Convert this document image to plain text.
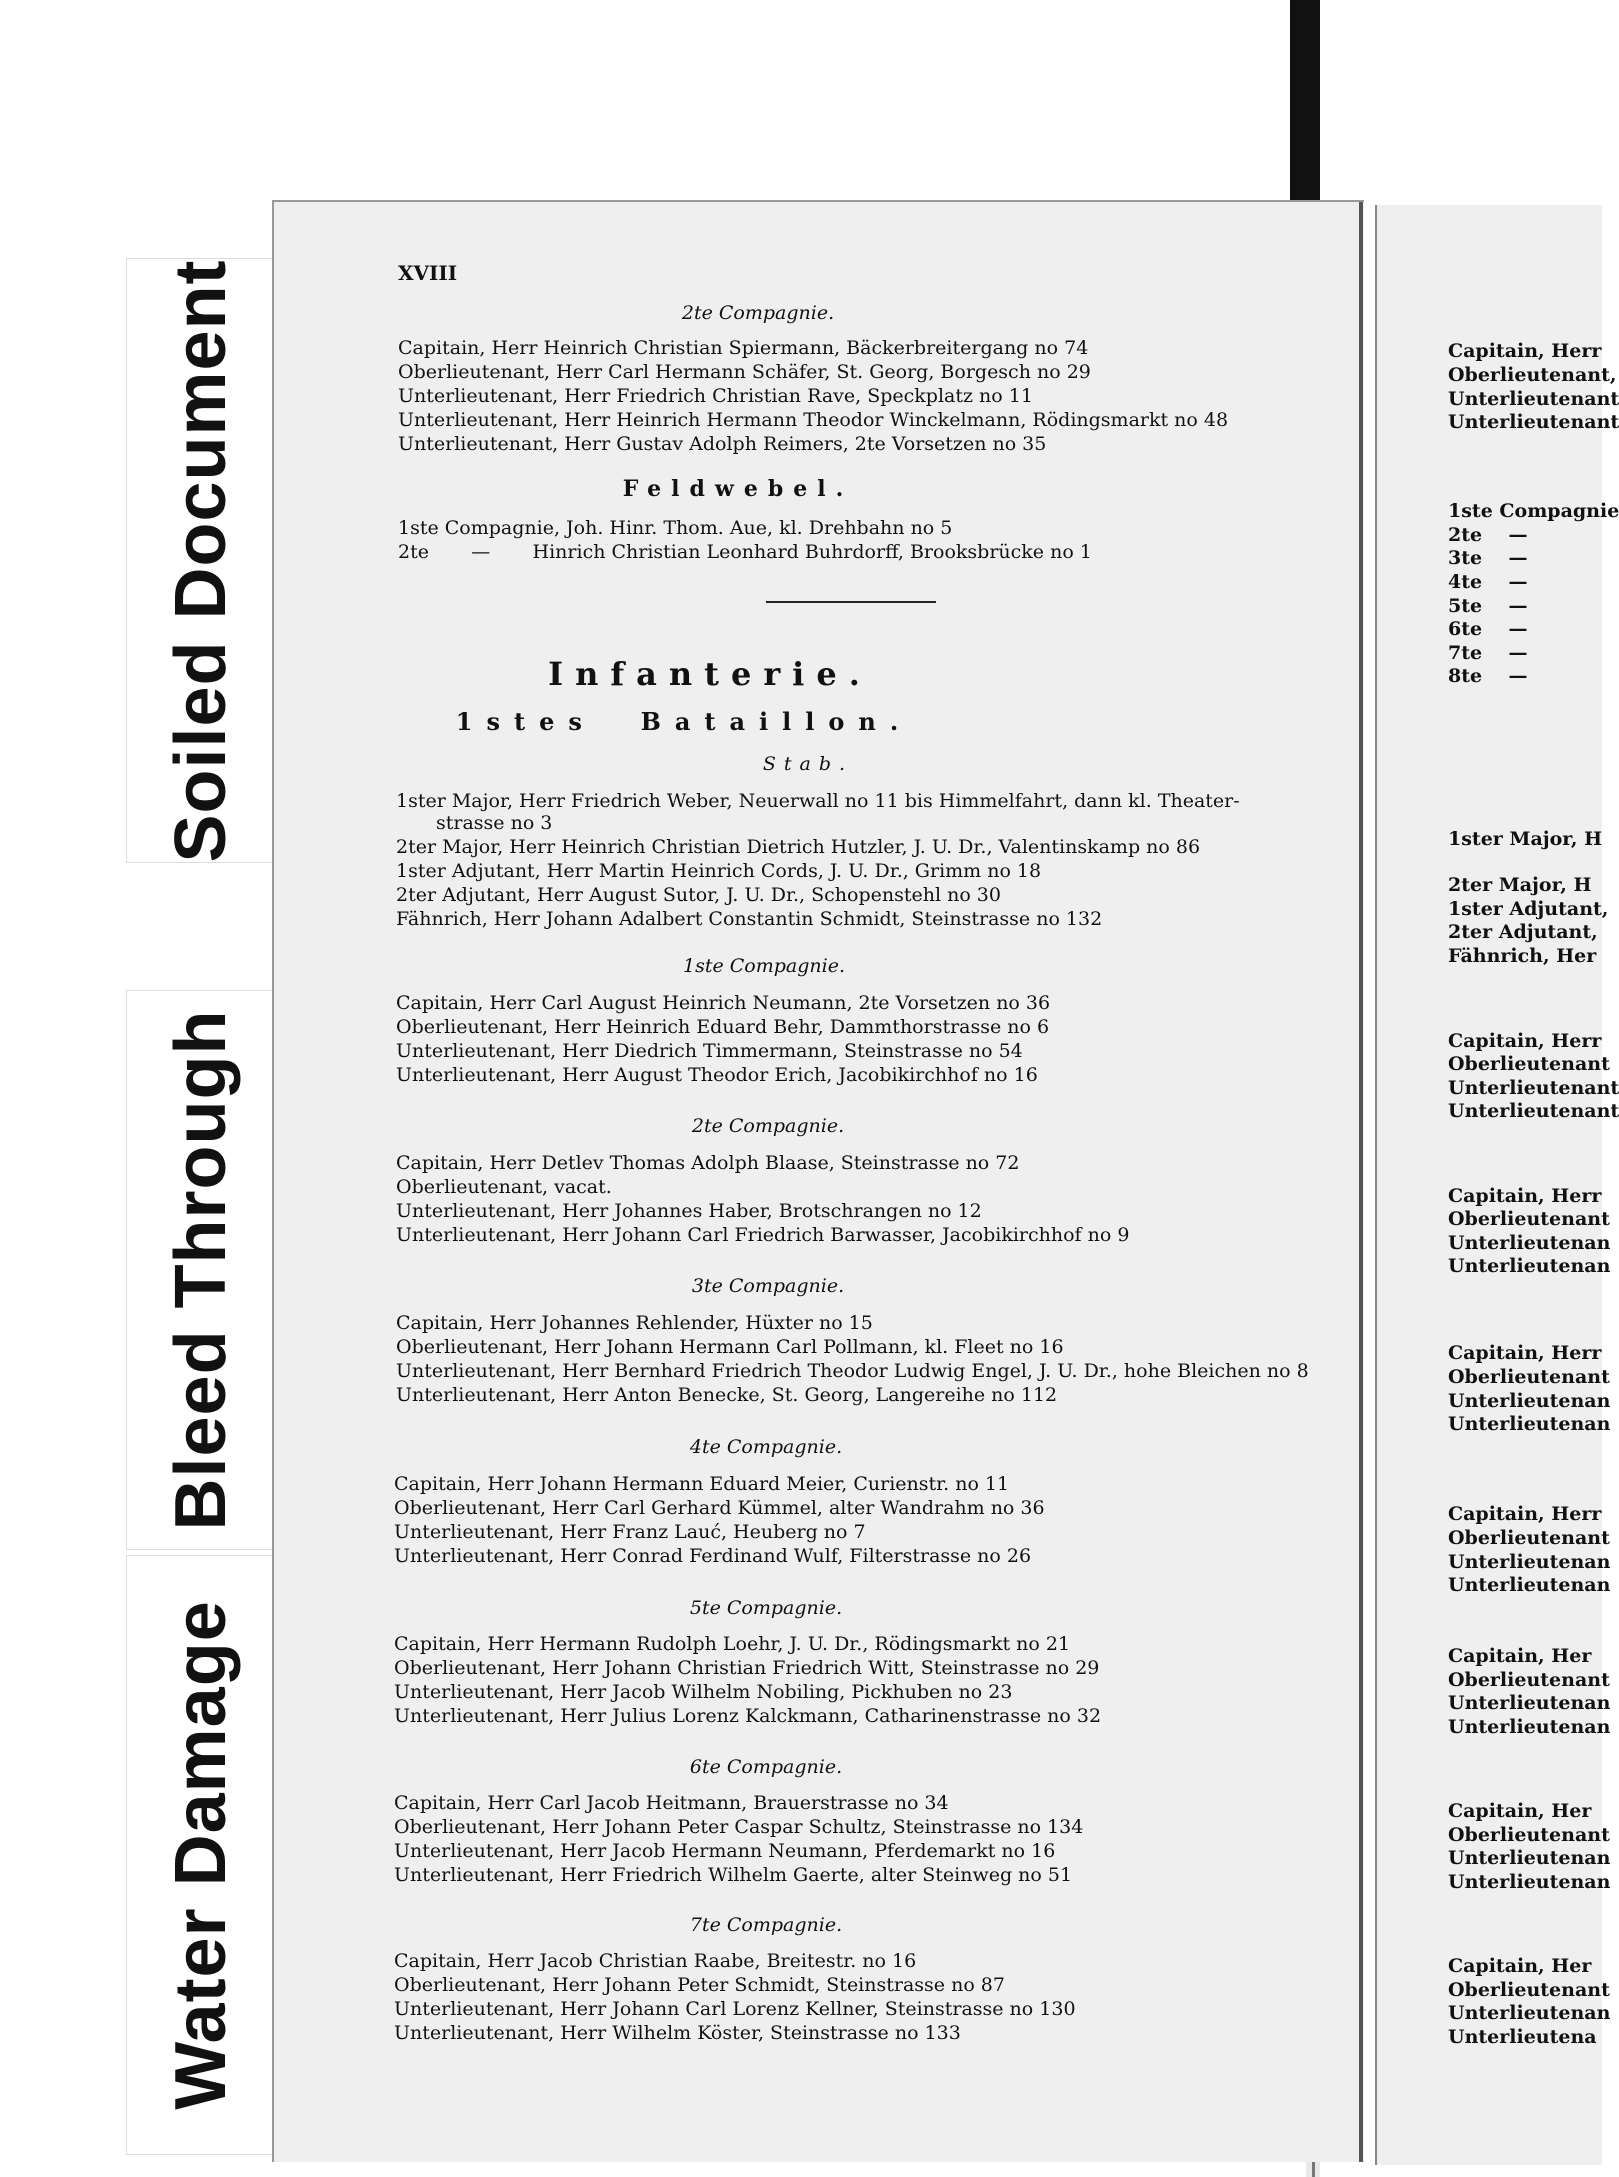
Soiled Document
Bleed Through
Water Damage
XVIII
2te Compagnie.
Capitain, Herr Heinrich Christian Spiermann, Bäckerbreitergang no 74
Oberlieutenant, Herr Carl Hermann Schäfer, St. Georg, Borgesch no 29
Unterlieutenant, Herr Friedrich Christian Rave, Speckplatz no 11
Unterlieutenant, Herr Heinrich Hermann Theodor Winckelmann, Rödingsmarkt no 48
Unterlieutenant, Herr Gustav Adolph Reimers, 2te Vorsetzen no 35
Feldwebel.
1ste Compagnie, Joh. Hinr. Thom. Aue, kl. Drehbahn no 5
2te       —       Hinrich Christian Leonhard Buhrdorff, Brooksbrücke no 1
Infanterie.
1stes  Bataillon.
Stab.
1ster Major, Herr Friedrich Weber, Neuerwall no 11 bis Himmelfahrt, dann kl. Theater-
strasse no 3
2ter Major, Herr Heinrich Christian Dietrich Hutzler, J. U. Dr., Valentinskamp no 86
1ster Adjutant, Herr Martin Heinrich Cords, J. U. Dr., Grimm no 18
2ter Adjutant, Herr August Sutor, J. U. Dr., Schopenstehl no 30
Fähnrich, Herr Johann Adalbert Constantin Schmidt, Steinstrasse no 132
1ste Compagnie.
Capitain, Herr Carl August Heinrich Neumann, 2te Vorsetzen no 36
Oberlieutenant, Herr Heinrich Eduard Behr, Dammthorstrasse no 6
Unterlieutenant, Herr Diedrich Timmermann, Steinstrasse no 54
Unterlieutenant, Herr August Theodor Erich, Jacobikirchhof no 16
2te Compagnie.
Capitain, Herr Detlev Thomas Adolph Blaase, Steinstrasse no 72
Oberlieutenant, vacat.
Unterlieutenant, Herr Johannes Haber, Brotschrangen no 12
Unterlieutenant, Herr Johann Carl Friedrich Barwasser, Jacobikirchhof no 9
3te Compagnie.
Capitain, Herr Johannes Rehlender, Hüxter no 15
Oberlieutenant, Herr Johann Hermann Carl Pollmann, kl. Fleet no 16
Unterlieutenant, Herr Bernhard Friedrich Theodor Ludwig Engel, J. U. Dr., hohe Bleichen no 8
Unterlieutenant, Herr Anton Benecke, St. Georg, Langereihe no 112
4te Compagnie.
Capitain, Herr Johann Hermann Eduard Meier, Curienstr. no 11
Oberlieutenant, Herr Carl Gerhard Kümmel, alter Wandrahm no 36
Unterlieutenant, Herr Franz Lauć, Heuberg no 7
Unterlieutenant, Herr Conrad Ferdinand Wulf, Filterstrasse no 26
5te Compagnie.
Capitain, Herr Hermann Rudolph Loehr, J. U. Dr., Rödingsmarkt no 21
Oberlieutenant, Herr Johann Christian Friedrich Witt, Steinstrasse no 29
Unterlieutenant, Herr Jacob Wilhelm Nobiling, Pickhuben no 23
Unterlieutenant, Herr Julius Lorenz Kalckmann, Catharinenstrasse no 32
6te Compagnie.
Capitain, Herr Carl Jacob Heitmann, Brauerstrasse no 34
Oberlieutenant, Herr Johann Peter Caspar Schultz, Steinstrasse no 134
Unterlieutenant, Herr Jacob Hermann Neumann, Pferdemarkt no 16
Unterlieutenant, Herr Friedrich Wilhelm Gaerte, alter Steinweg no 51
7te Compagnie.
Capitain, Herr Jacob Christian Raabe, Breitestr. no 16
Oberlieutenant, Herr Johann Peter Schmidt, Steinstrasse no 87
Unterlieutenant, Herr Johann Carl Lorenz Kellner, Steinstrasse no 130
Unterlieutenant, Herr Wilhelm Köster, Steinstrasse no 133
Capitain, Herr
Oberlieutenant,
Unterlieutenant
Unterlieutenant
1ste Compagnie
2te    —
3te    —
4te    —
5te    —
6te    —
7te    —
8te    —
1ster Major, H
2ter Major, H
1ster Adjutant,
2ter Adjutant,
Fähnrich, Her
Capitain, Herr
Oberlieutenant
Unterlieutenant
Unterlieutenant
Capitain, Herr
Oberlieutenant
Unterlieutenan
Unterlieutenan
Capitain, Herr
Oberlieutenant
Unterlieutenan
Unterlieutenan
Capitain, Herr
Oberlieutenant
Unterlieutenan
Unterlieutenan
Capitain, Her
Oberlieutenant
Unterlieutenan
Unterlieutenan
Capitain, Her
Oberlieutenant
Unterlieutenan
Unterlieutenan
Capitain, Her
Oberlieutenant
Unterlieutenan
Unterlieutena
